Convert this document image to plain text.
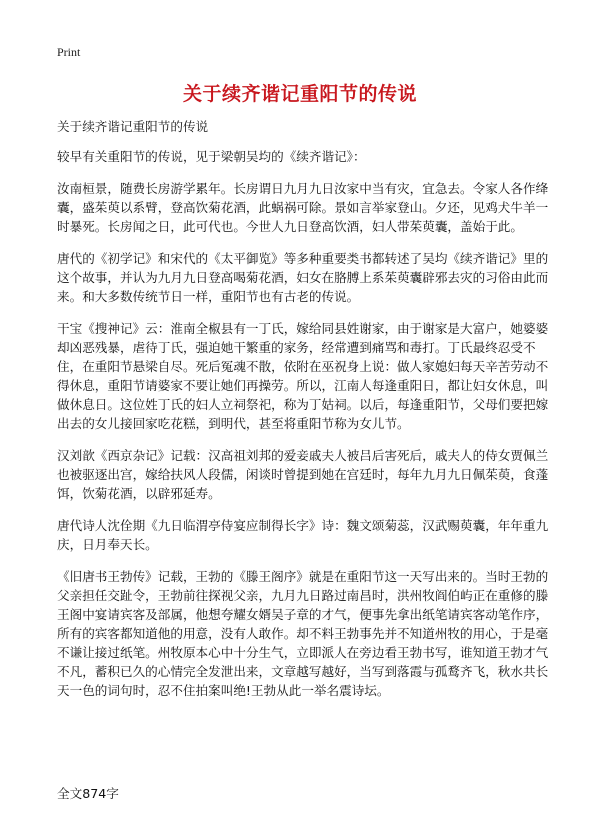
Print
关于续齐谐记重阳节的传说

关于续齐谐记重阳节的传说

较早有关重阳节的传说，见于梁朝吴均的《续齐谐记》：

汝南桓景，随费长房游学累年。长房谓日九月九日汝家中当有灾，宜急去。令家人各作绛囊，盛茱萸以系臂，登高饮菊花酒，此蜗祸可除。景如言举家登山。夕还，见鸡犬牛羊一时暴死。长房闻之日，此可代也。今世人九日登高饮酒，妇人带茱萸囊，盖始于此。

唐代的《初学记》和宋代的《太平御览》等多种重要类书都转述了吴均《续齐谐记》里的这个故事，并认为九月九日登高喝菊花酒，妇女在胳膊上系茱萸囊辟邪去灾的习俗由此而来。和大多数传统节日一样，重阳节也有古老的传说。

干宝《搜神记》云：淮南全椒县有一丁氏，嫁给同县姓谢家，由于谢家是大富户，她婆婆却凶恶残暴，虐待丁氏，强迫她干繁重的家务，经常遭到痛骂和毒打。丁氏最终忍受不住，在重阳节悬梁自尽。死后冤魂不散，依附在巫祝身上说：做人家媳妇每天辛苦劳动不得休息，重阳节请婆家不要让她们再操劳。所以，江南人每逢重阳日，都让妇女休息，叫做休息日。这位姓丁氏的妇人立祠祭祀，称为丁姑祠。以后，每逢重阳节，父母们要把嫁出去的女儿接回家吃花糕，到明代，甚至将重阳节称为女儿节。

汉刘歆《西京杂记》记载：汉高祖刘邦的爱妾戚夫人被吕后害死后，戚夫人的侍女贾佩兰也被驱逐出宫，嫁给扶风人段儒，闲谈时曾提到她在宫廷时，每年九月九日佩茱萸，食蓬饵，饮菊花酒，以辟邪延寿。

唐代诗人沈佺期《九日临渭亭侍宴应制得长字》诗：魏文颂菊蕊，汉武赐萸囊，年年重九庆，日月奉天长。

《旧唐书王勃传》记载，王勃的《滕王阁序》就是在重阳节这一天写出来的。当时王勃的父亲担任交趾令，王勃前往探视父亲，九月九日路过南昌时，洪州牧阎伯屿正在重修的滕王阁中宴请宾客及部属，他想夸耀女婿吴子章的才气，便事先拿出纸笔请宾客动笔作序，所有的宾客都知道他的用意，没有人敢作。却不料王勃事先并不知道州牧的用心，于是毫不谦让接过纸笔。州牧原本心中十分生气，立即派人在旁边看王勃书写，谁知道王勃才气不凡，蓄积已久的心情完全发泄出来，文章越写越好，当写到落霞与孤鹜齐飞，秋水共长天一色的词句时，忍不住拍案叫绝!王勃从此一举名震诗坛。

全文874字
